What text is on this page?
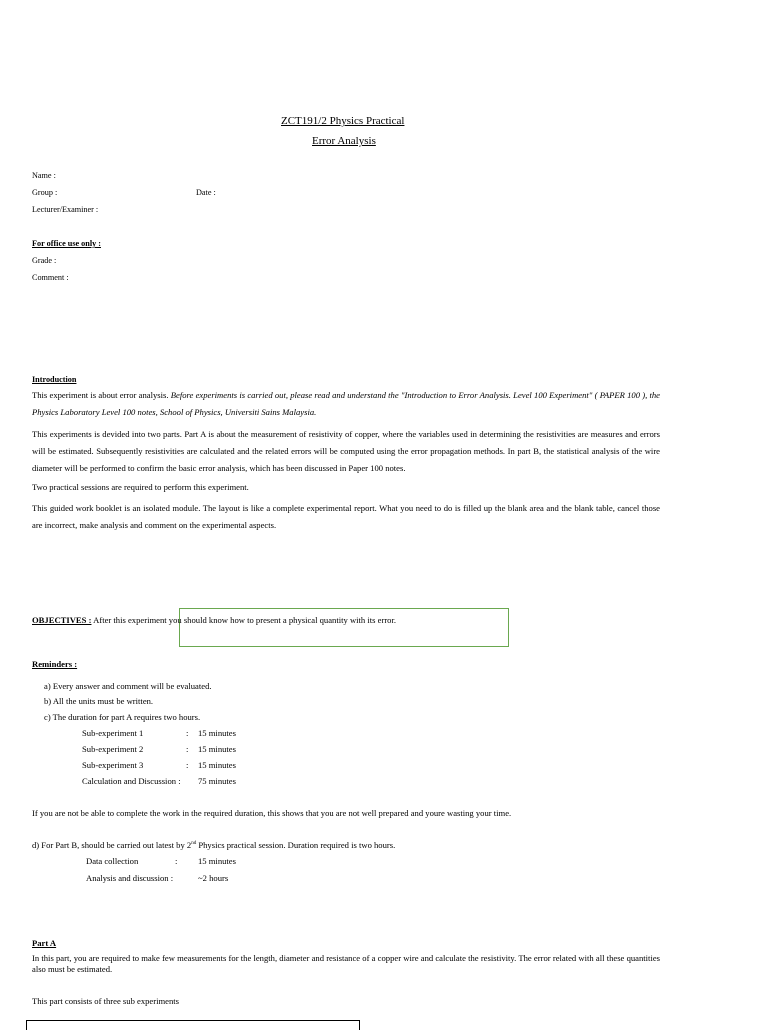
ZCT191/2 Physics Practical
Error Analysis
Name :
Group :	Date :
Lecturer/Examiner :
For office use only :
Grade :
Comment :
Introduction
This experiment is about error analysis. Before experiments is carried out, please read and understand the "Introduction to Error Analysis. Level 100 Experiment" ( PAPER 100 ), the Physics Laboratory Level 100 notes, School of Physics, Universiti Sains Malaysia.
This experiments is devided into two parts. Part A is about the measurement of resistivity of copper, where the variables used in determining the resistivities are measures and errors will be estimated. Subsequently resistivities are calculated and the related errors will be computed using the error propagation methods. In part B, the statistical analysis of the wire diameter will be performed to confirm the basic error analysis, which has been discussed in Paper 100 notes.
Two practical sessions are required to perform this experiment.
This guided work booklet is an isolated module. The layout is like a complete experimental report. What you need to do is filled up the blank area and the blank table, cancel those are incorrect, make analysis and comment on the experimental aspects.
OBJECTIVES : After this experiment you should know how to present a physical quantity with its error.
Reminders :
a) Every answer and comment will be evaluated.
b) All the units must be written.
c) The duration for part A requires two hours.
Sub-experiment 1	: 15 minutes
Sub-experiment 2	: 15 minutes
Sub-experiment 3	: 15 minutes
Calculation and Discussion : 75 minutes
If you are not be able to complete the work in the required duration, this shows that you are not well prepared and youre wasting your time.
d) For Part B, should be carried out latest by 2nd Physics practical session. Duration required is two hours.
Data collection	: 15 minutes
Analysis and discussion :	~2 hours
Part A
In this part, you are required to make few measurements for the length, diameter and resistance of a copper wire and calculate the resistivity. The error related with all these quantities also must be estimated.
This part consists of three sub experiments
